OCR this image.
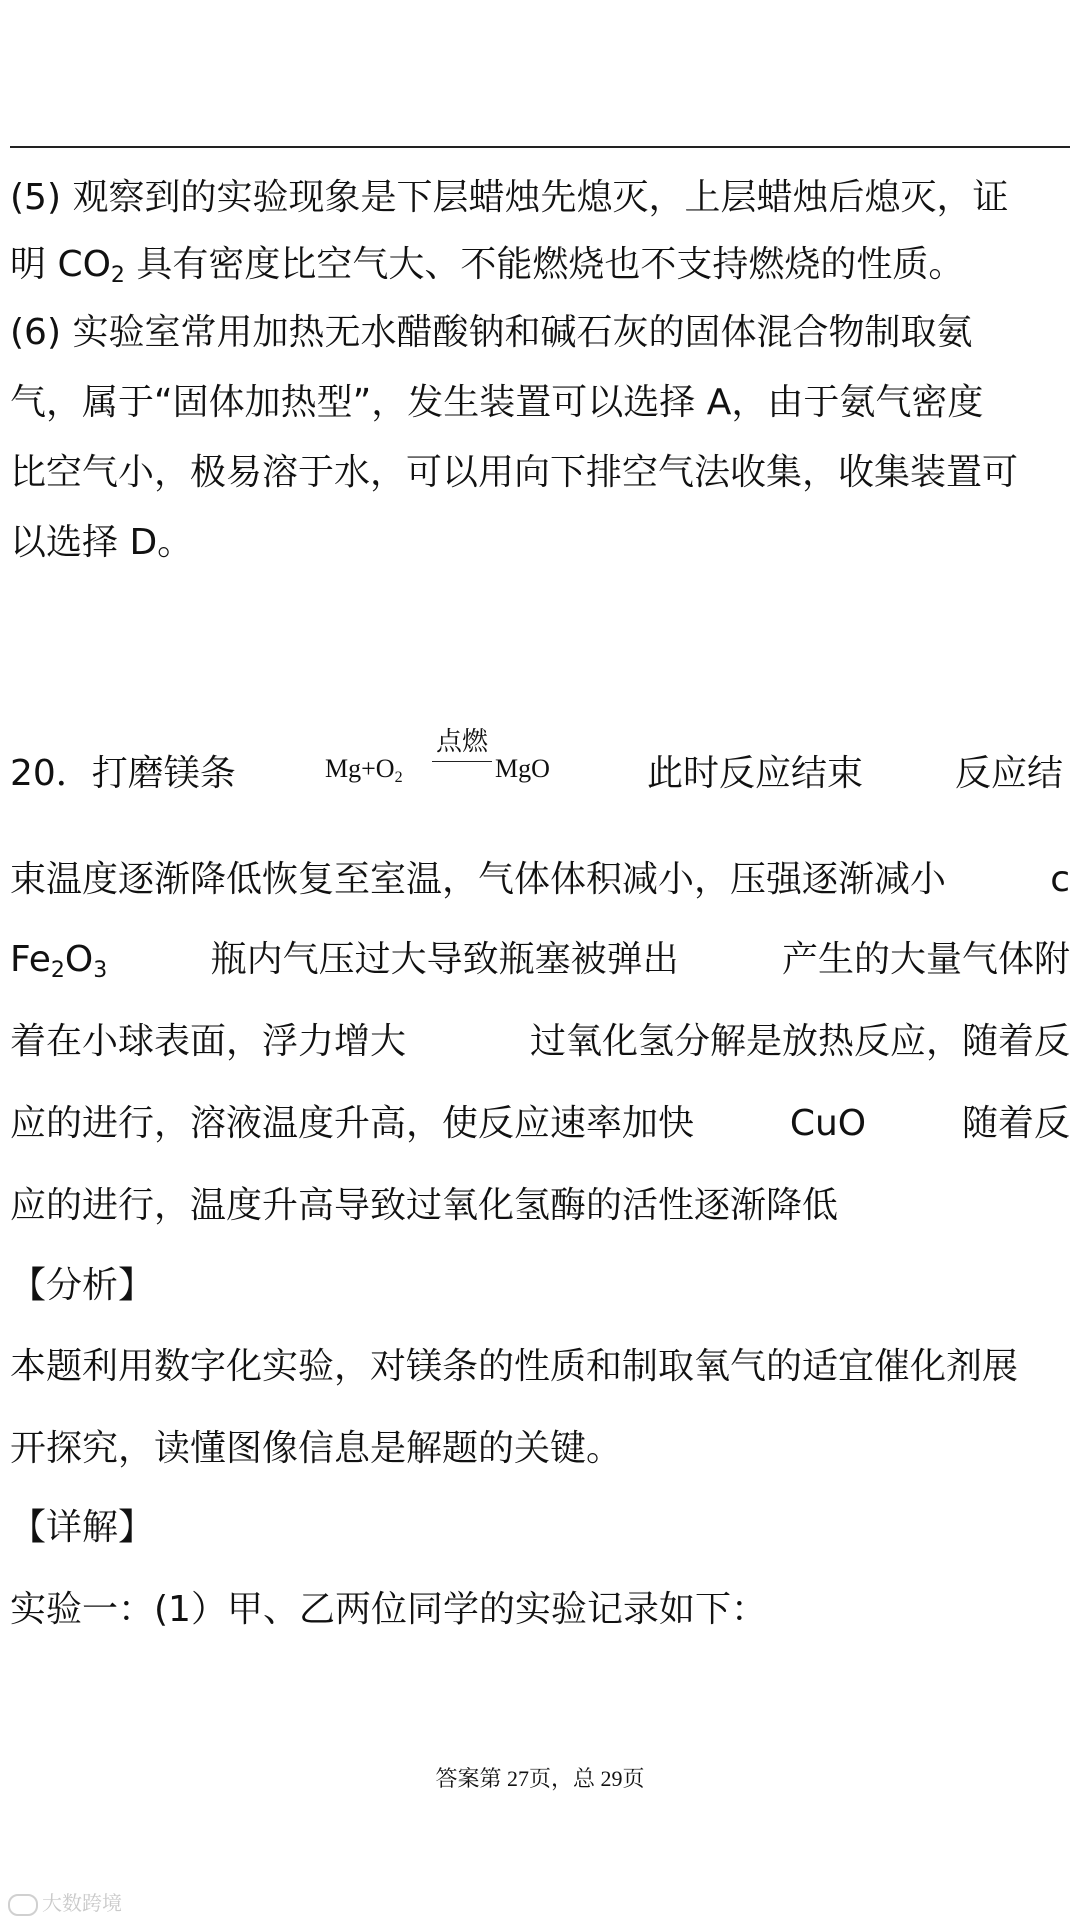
(5) 观察到的实验现象是下层蜡烛先熄灭，上层蜡烛后熄灭，证
明 $CO_2$ 具有密度比空气大、不能燃烧也不支持燃烧的性质。
(6) 实验室常用加热无水醋酸钠和碱石灰的固体混合物制取氨
气，属于“固体加热型”，发生装置可以选择 A，由于氨气密度
比空气小，极易溶于水，可以用向下排空气法收集，收集装置可
以选择 D。
20．打磨镁条	$Mg+O_2$
点燃
MgO	此时反应结束	反应结
束温度逐渐降低恢复至室温，气体体积减小，压强逐渐减小	c
$Fe_2O_3$	瓶内气压过大导致瓶塞被弹出	产生的大量气体附
着在小球表面，浮力增大	过氧化氢分解是放热反应，随着反
应的进行，溶液温度升高，使反应速率加快	CuO	随着反
应的进行，温度升高导致过氧化氢酶的活性逐渐降低
【分析】
本题利用数字化实验，对镁条的性质和制取氧气的适宜催化剂展
开探究，读懂图像信息是解题的关键。
【详解】
实验一：(1）甲、乙两位同学的实验记录如下：
答案第 27页，总 29页
大数跨境
